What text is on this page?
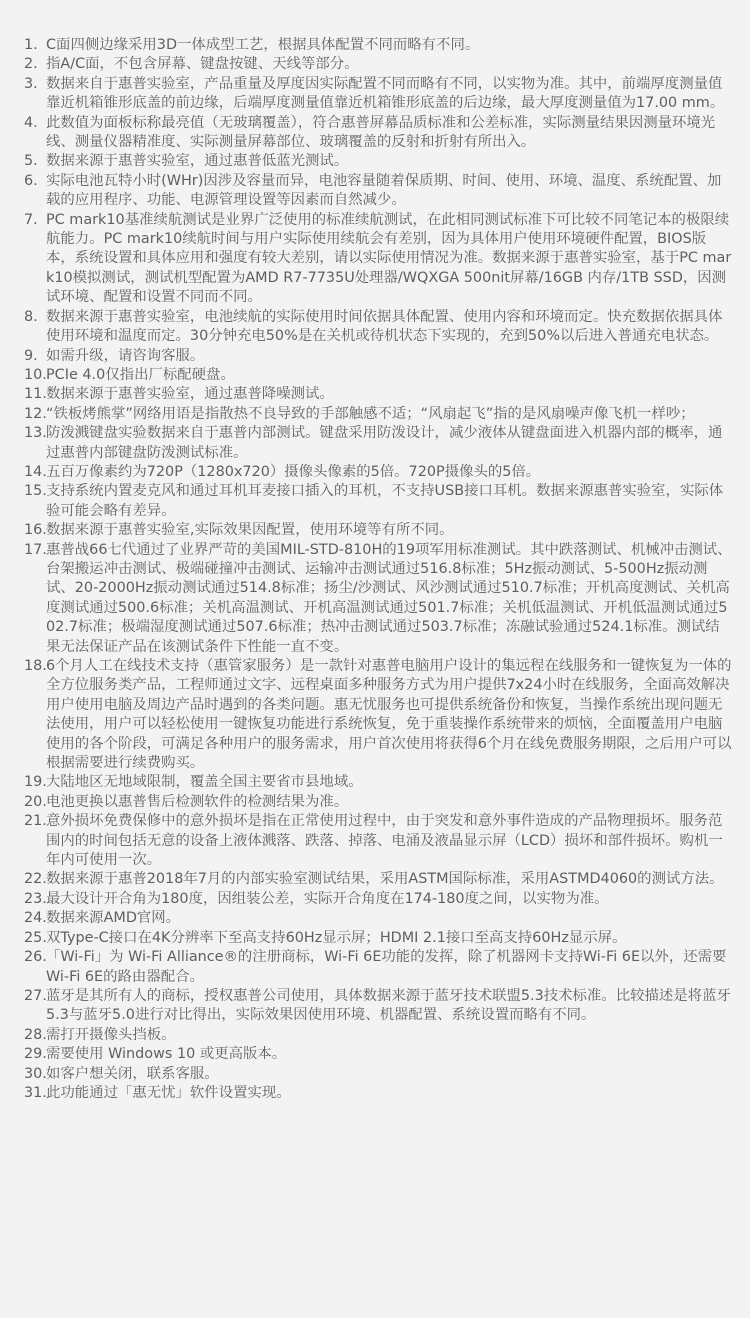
1. C面四侧边缘采用3D一体成型工艺，根据具体配置不同而略有不同。
2. 指A/C面，不包含屏幕、键盘按键、天线等部分。
3. 数据来自于惠普实验室，产品重量及厚度因实际配置不同而略有不同，以实物为准。其中，前端厚度测量值靠近机箱锥形底盖的前边缘，后端厚度测量值靠近机箱锥形底盖的后边缘，最大厚度测量值为17.00 mm。
4. 此数值为面板标称最亮值（无玻璃覆盖），符合惠普屏幕品质标准和公差标准，实际测量结果因测量环境光线、测量仪器精准度、实际测量屏幕部位、玻璃覆盖的反射和折射有所出入。
5. 数据来源于惠普实验室，通过惠普低蓝光测试。
6. 实际电池瓦特小时(WHr)因涉及容量而异，电池容量随着保质期、时间、使用、环境、温度、系统配置、加载的应用程序、功能、电源管理设置等因素而自然减少。
7. PC mark10基准续航测试是业界广泛使用的标准续航测试，在此相同测试标准下可比较不同笔记本的极限续航能力。PC mark10续航时间与用户实际使用续航会有差别，因为具体用户使用环境硬件配置，BIOS版本，系统设置和具体应用和强度有较大差别，请以实际使用情况为准。数据来源于惠普实验室，基于PC mark10模拟测试，测试机型配置为AMD R7-7735U处理器/WQXGA 500nit屏幕/16GB 内存/1TB SSD，因测试环境、配置和设置不同而不同。
8. 数据来源于惠普实验室，电池续航的实际使用时间依据具体配置、使用内容和环境而定。快充数据依据具体使用环境和温度而定。30分钟充电50%是在关机或待机状态下实现的，充到50%以后进入普通充电状态。
9. 如需升级，请咨询客服。
10. PCIe 4.0仅指出厂标配硬盘。
11. 数据来源于惠普实验室，通过惠普降噪测试。
12. “铁板烤熊掌”网络用语是指散热不良导致的手部触感不适；“风扇起飞”指的是风扇噪声像飞机一样吵；
13. 防泼溅键盘实验数据来自于惠普内部测试。键盘采用防泼设计，减少液体从键盘面进入机器内部的概率，通过惠普内部键盘防泼测试标准。
14. 五百万像素约为720P（1280x720）摄像头像素的5倍。720P摄像头的5倍。
15. 支持系统内置麦克风和通过耳机耳麦接口插入的耳机，不支持USB接口耳机。数据来源惠普实验室，实际体验可能会略有差异。
16. 数据来源于惠普实验室,实际效果因配置，使用环境等有所不同。
17. 惠普战66七代通过了业界严苛的美国MIL-STD-810H的19项军用标准测试。其中跌落测试、机械冲击测试、台架搬运冲击测试、极端碰撞冲击测试、运输冲击测试通过516.8标准；5Hz振动测试、5-500Hz振动测试、20-2000Hz振动测试通过514.8标准；扬尘/沙测试、风沙测试通过510.7标准；开机高度测试、关机高度测试通过500.6标准；关机高温测试、开机高温测试通过501.7标准；关机低温测试、开机低温测试通过502.7标准；极端湿度测试通过507.6标准；热冲击测试通过503.7标准；冻融试验通过524.1标准。测试结果无法保证产品在该测试条件下性能一直不变。
18. 6个月人工在线技术支持（惠管家服务）是一款针对惠普电脑用户设计的集远程在线服务和一键恢复为一体的全方位服务类产品，工程师通过文字、远程桌面多种服务方式为用户提供7x24小时在线服务，全面高效解决用户使用电脑及周边产品时遇到的各类问题。惠无忧服务也可提供系统备份和恢复，当操作系统出现问题无法使用，用户可以轻松使用一键恢复功能进行系统恢复，免于重装操作系统带来的烦恼，全面覆盖用户电脑使用的各个阶段，可满足各种用户的服务需求，用户首次使用将获得6个月在线免费服务期限，之后用户可以根据需要进行续费购买。
19. 大陆地区无地域限制，覆盖全国主要省市县地域。
20. 电池更换以惠普售后检测软件的检测结果为准。
21. 意外损坏免费保修中的意外损坏是指在正常使用过程中，由于突发和意外事件造成的产品物理损坏。服务范围内的时间包括无意的设备上液体溅落、跌落、掉落、电涌及液晶显示屏（LCD）损坏和部件损坏。购机一年内可使用一次。
22. 数据来源于惠普2018年7月的内部实验室测试结果，采用ASTM国际标准，采用ASTMD4060的测试方法。
23. 最大设计开合角为180度，因组装公差，实际开合角度在174-180度之间，以实物为准。
24. 数据来源AMD官网。
25. 双Type-C接口在4K分辨率下至高支持60Hz显示屏；HDMI 2.1接口至高支持60Hz显示屏。
26. 「Wi-Fi」为 Wi-Fi Alliance®的注册商标，Wi-Fi 6E功能的发挥，除了机器网卡支持Wi-Fi 6E以外，还需要Wi-Fi 6E的路由器配合。
27. 蓝牙是其所有人的商标，授权惠普公司使用，具体数据来源于蓝牙技术联盟5.3技术标准。比较描述是将蓝牙5.3与蓝牙5.0进行对比得出，实际效果因使用环境、机器配置、系统设置而略有不同。
28. 需打开摄像头挡板。
29. 需要使用 Windows 10 或更高版本。
30. 如客户想关闭，联系客服。
31. 此功能通过「惠无忧」软件设置实现。
